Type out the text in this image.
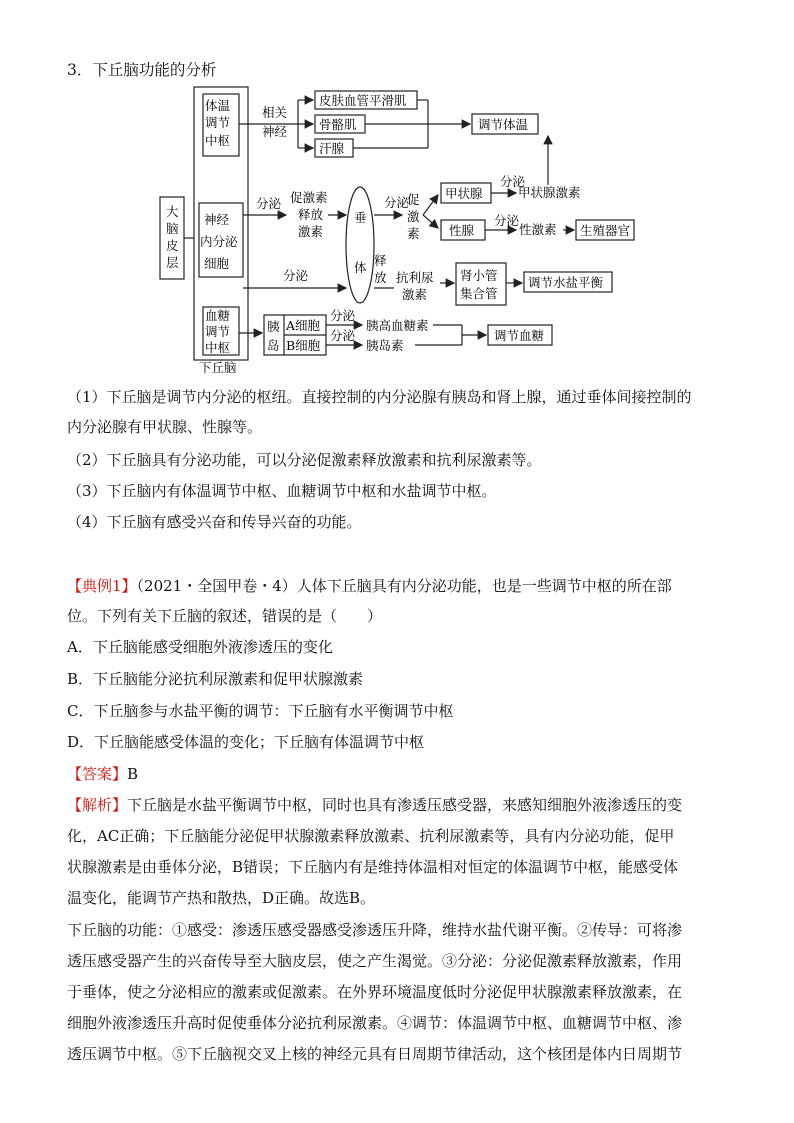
3．下丘脑功能的分析
下丘脑
大
脑
皮
层
体温
调节
中枢
相关
神经
皮肤血管平滑肌
骨骼肌
汗腺
调节体温
神经
内分泌
细胞
分泌 促激素
释放
激素
垂
体
分泌
促
激
素
甲状腺
分泌
甲状腺激素
性腺
分泌
性激素 生殖器官
分泌
释
放 抗利尿
激素
肾小管
集合管
调节水盐平衡
血糖
调节
中枢
胰
岛
A细胞
B细胞
分泌
分泌
胰高血糖素
胰岛素
调节血糖
（1）下丘脑是调节内分泌的枢纽。直接控制的内分泌腺有胰岛和肾上腺，通过垂体间接控制的
内分泌腺有甲状腺、性腺等。
（2）下丘脑具有分泌功能，可以分泌促激素释放激素和抗利尿激素等。
（3）下丘脑内有体温调节中枢、血糖调节中枢和水盐调节中枢。
（4）下丘脑有感受兴奋和传导兴奋的功能。
【典例1】（2021・全国甲卷・4）人体下丘脑具有内分泌功能，也是一些调节中枢的所在部
位。下列有关下丘脑的叙述，错误的是（　　）
A．下丘脑能感受细胞外液渗透压的变化
B．下丘脑能分泌抗利尿激素和促甲状腺激素
C．下丘脑参与水盐平衡的调节：下丘脑有水平衡调节中枢
D．下丘脑能感受体温的变化；下丘脑有体温调节中枢
【答案】B
【解析】下丘脑是水盐平衡调节中枢，同时也具有渗透压感受器，来感知细胞外液渗透压的变
化，AC正确；下丘脑能分泌促甲状腺激素释放激素、抗利尿激素等，具有内分泌功能，促甲
状腺激素是由垂体分泌，B错误；下丘脑内有是维持体温相对恒定的体温调节中枢，能感受体
温变化，能调节产热和散热，D正确。故选B。
下丘脑的功能：①感受：渗透压感受器感受渗透压升降，维持水盐代谢平衡。②传导：可将渗
透压感受器产生的兴奋传导至大脑皮层，使之产生渴觉。③分泌：分泌促激素释放激素，作用
于垂体，使之分泌相应的激素或促激素。在外界环境温度低时分泌促甲状腺激素释放激素，在
细胞外液渗透压升高时促使垂体分泌抗利尿激素。④调节：体温调节中枢、血糖调节中枢、渗
透压调节中枢。⑤下丘脑视交叉上核的神经元具有日周期节律活动，这个核团是体内日周期节
